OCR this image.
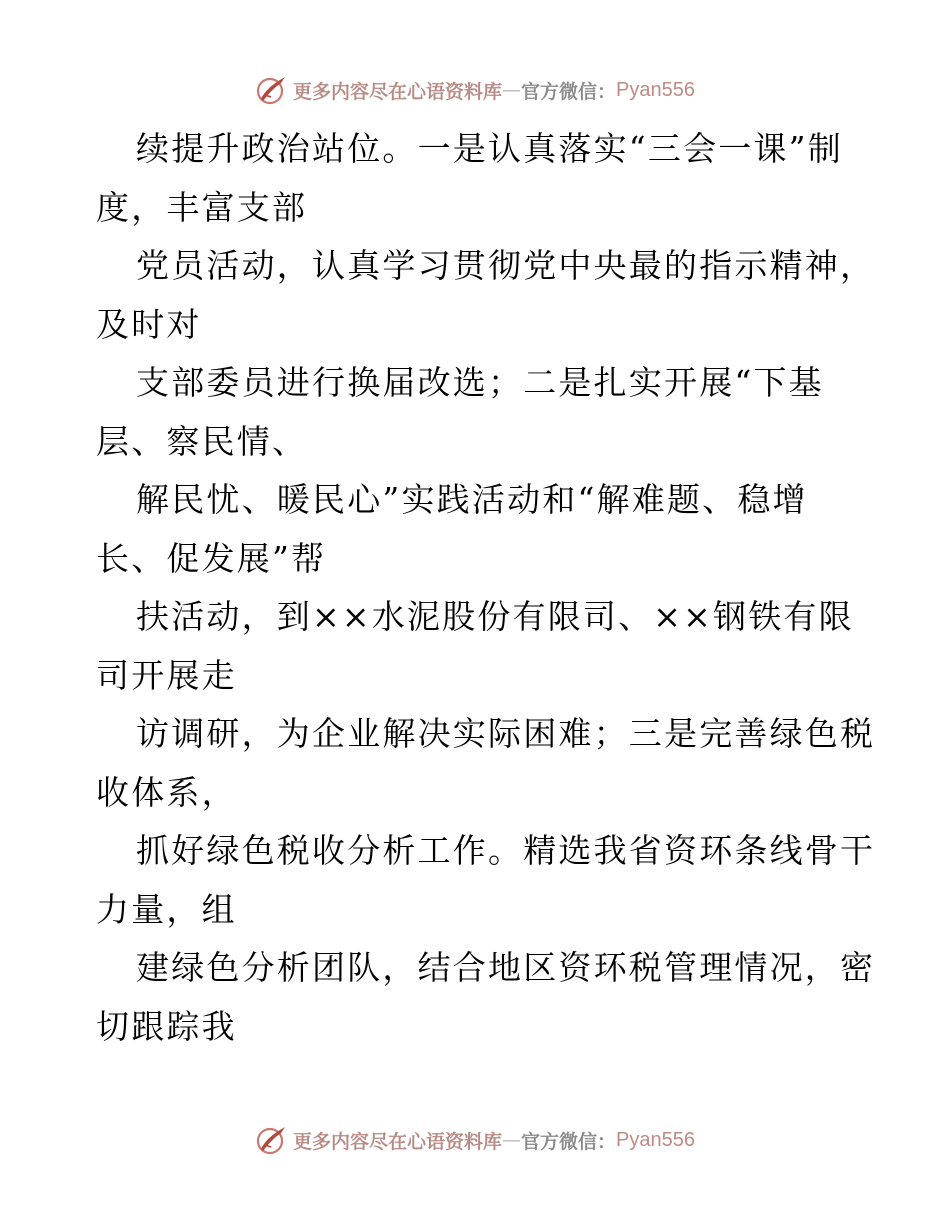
更多内容尽在心语资料库 — 官方微信： Pyan556
续提升政治站位。一是认真落实“三会一课”制
度，丰富支部
党员活动，认真学习贯彻党中央最的指示精神，
及时对
支部委员进行换届改选；二是扎实开展“下基
层、察民情、
解民忧、暖民心”实践活动和“解难题、稳增
长、促发展”帮
扶活动，到××水泥股份有限司、××钢铁有限
司开展走
访调研，为企业解决实际困难；三是完善绿色税
收体系，
抓好绿色税收分析工作。精选我省资环条线骨干
力量，组
建绿色分析团队，结合地区资环税管理情况，密
切跟踪我
更多内容尽在心语资料库 — 官方微信： Pyan556
